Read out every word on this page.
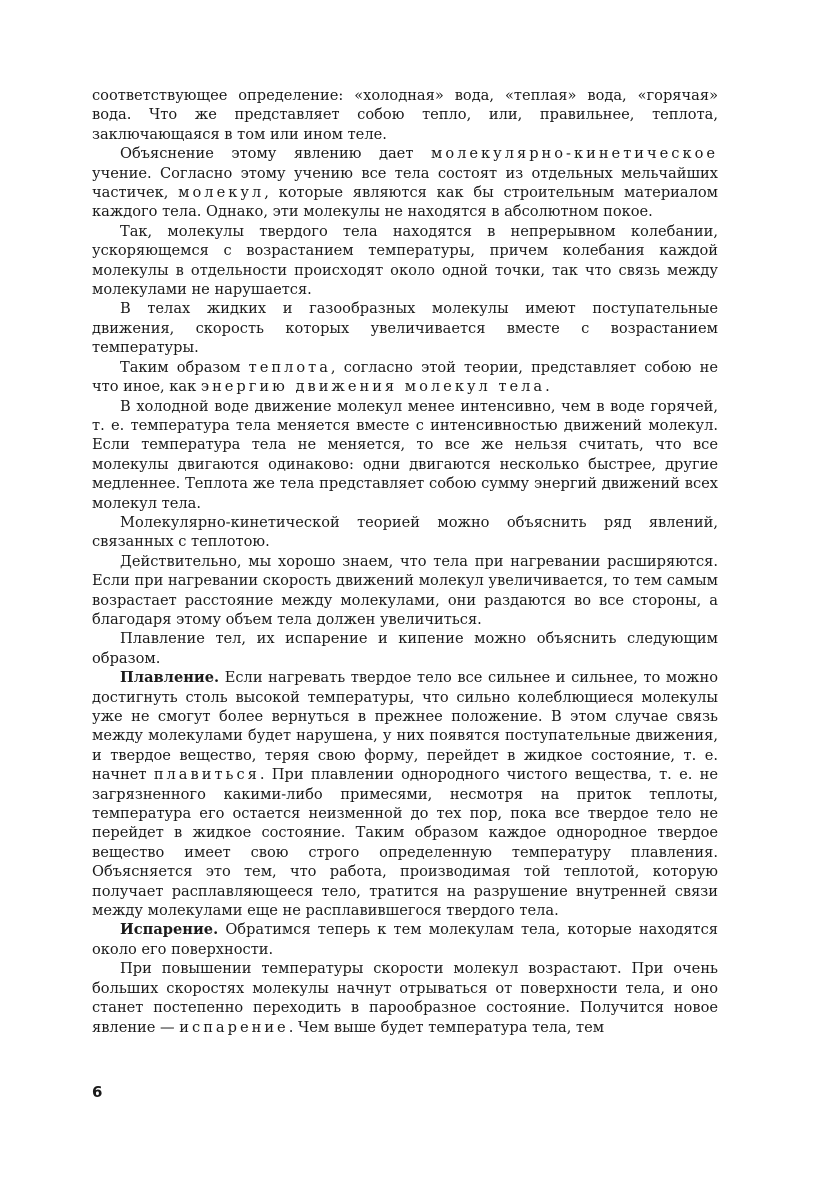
соответствующее определение: «холодная» вода, «теплая» вода, «горячая» вода. Что же представляет собою тепло, или, правильнее, теплота, заключающаяся в том или ином теле.

Объяснение этому явлению дает молекулярно-кинетическое учение. Согласно этому учению все тела состоят из отдельных мельчайших частичек, молекул, которые являются как бы строительным материалом каждого тела. Однако, эти молекулы не находятся в абсолютном покое.

Так, молекулы твердого тела находятся в непрерывном колебании, ускоряющемся с возрастанием температуры, причем колебания каждой молекулы в отдельности происходят около одной точки, так что связь между молекулами не нарушается.

В телах жидких и газообразных молекулы имеют поступательные движения, скорость которых увеличивается вместе с возрастанием температуры.

Таким образом теплота, согласно этой теории, представляет собою не что иное, как энергию движения молекул тела.

В холодной воде движение молекул менее интенсивно, чем в воде горячей, т. е. температура тела меняется вместе с интенсивностью движений молекул. Если температура тела не меняется, то все же нельзя считать, что все молекулы двигаются одинаково: одни двигаются несколько быстрее, другие медленнее. Теплота же тела представляет собою сумму энергий движений всех молекул тела.

Молекулярно-кинетической теорией можно объяснить ряд явлений, связанных с теплотою.

Действительно, мы хорошо знаем, что тела при нагревании расширяются. Если при нагревании скорость движений молекул увеличивается, то тем самым возрастает расстояние между молекулами, они раздаются во все стороны, а благодаря этому объем тела должен увеличиться.

Плавление тел, их испарение и кипение можно объяснить следующим образом.

Плавление. Если нагревать твердое тело все сильнее и сильнее, то можно достигнуть столь высокой температуры, что сильно колеблющиеся молекулы уже не смогут более вернуться в прежнее положение. В этом случае связь между молекулами будет нарушена, у них появятся поступательные движения, и твердое вещество, теряя свою форму, перейдет в жидкое состояние, т. е. начнет плавиться. При плавлении однородного чистого вещества, т. е. не загрязненного какими-либо примесями, несмотря на приток теплоты, температура его остается неизменной до тех пор, пока все твердое тело не перейдет в жидкое состояние. Таким образом каждое однородное твердое вещество имеет свою строго определенную температуру плавления. Объясняется это тем, что работа, производимая той теплотой, которую получает расплавляющееся тело, тратится на разрушение внутренней связи между молекулами еще не расплавившегося твердого тела.

Испарение. Обратимся теперь к тем молекулам тела, которые находятся около его поверхности.

При повышении температуры скорости молекул возрастают. При очень больших скоростях молекулы начнут отрываться от поверхности тела, и оно станет постепенно переходить в парообразное состояние. Получится новое явление — испарение. Чем выше будет температура тела, тем

6
